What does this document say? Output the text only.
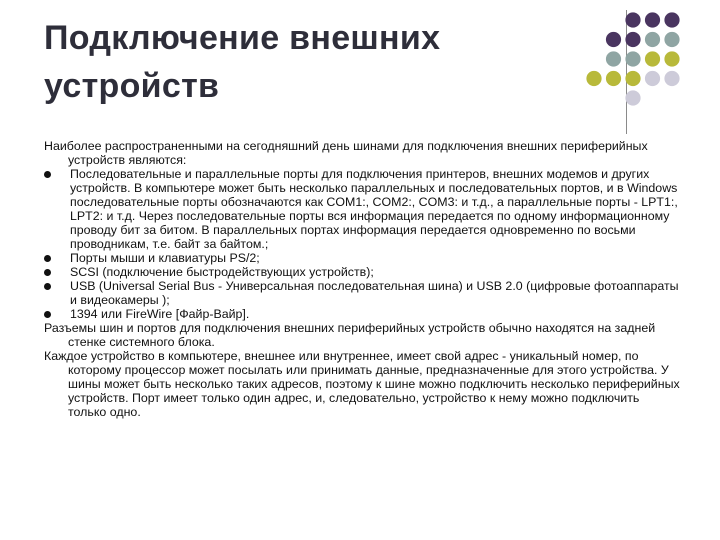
Подключение внешних
устройств

Наиболее распространенными на сегодняшний день шинами для подключения внешних периферийных устройств являются:

Последовательные и параллельные порты для подключения принтеров, внешних модемов и других устройств. В компьютере может быть несколько параллельных и последовательных портов, и в Windows последовательные порты обозначаются как COM1:, COM2:, COM3: и т.д., а параллельные порты - LPT1:, LPT2: и т.д. Через последовательные порты вся информация передается по одному информационному проводу бит за битом. В параллельных портах информация передается одновременно по восьми проводникам, т.е. байт за байтом.;
Порты мыши и клавиатуры PS/2;
SCSI (подключение быстродействующих устройств);
USB (Universal Serial Bus - Универсальная последовательная шина) и USB 2.0 (цифровые фотоаппараты и видеокамеры );
1394 или FireWire [Файр-Вайр].

Разъемы шин и портов для подключения внешних периферийных устройств обычно находятся на задней стенке системного блока.

Каждое устройство в компьютере, внешнее или внутреннее, имеет свой адрес - уникальный номер, по которому процессор может посылать или принимать данные, предназначенные для этого устройства. У шины может быть несколько таких адресов, поэтому к шине можно подключить несколько периферийных устройств. Порт имеет только один адрес, и, следовательно, устройство к нему можно подключить только одно.
